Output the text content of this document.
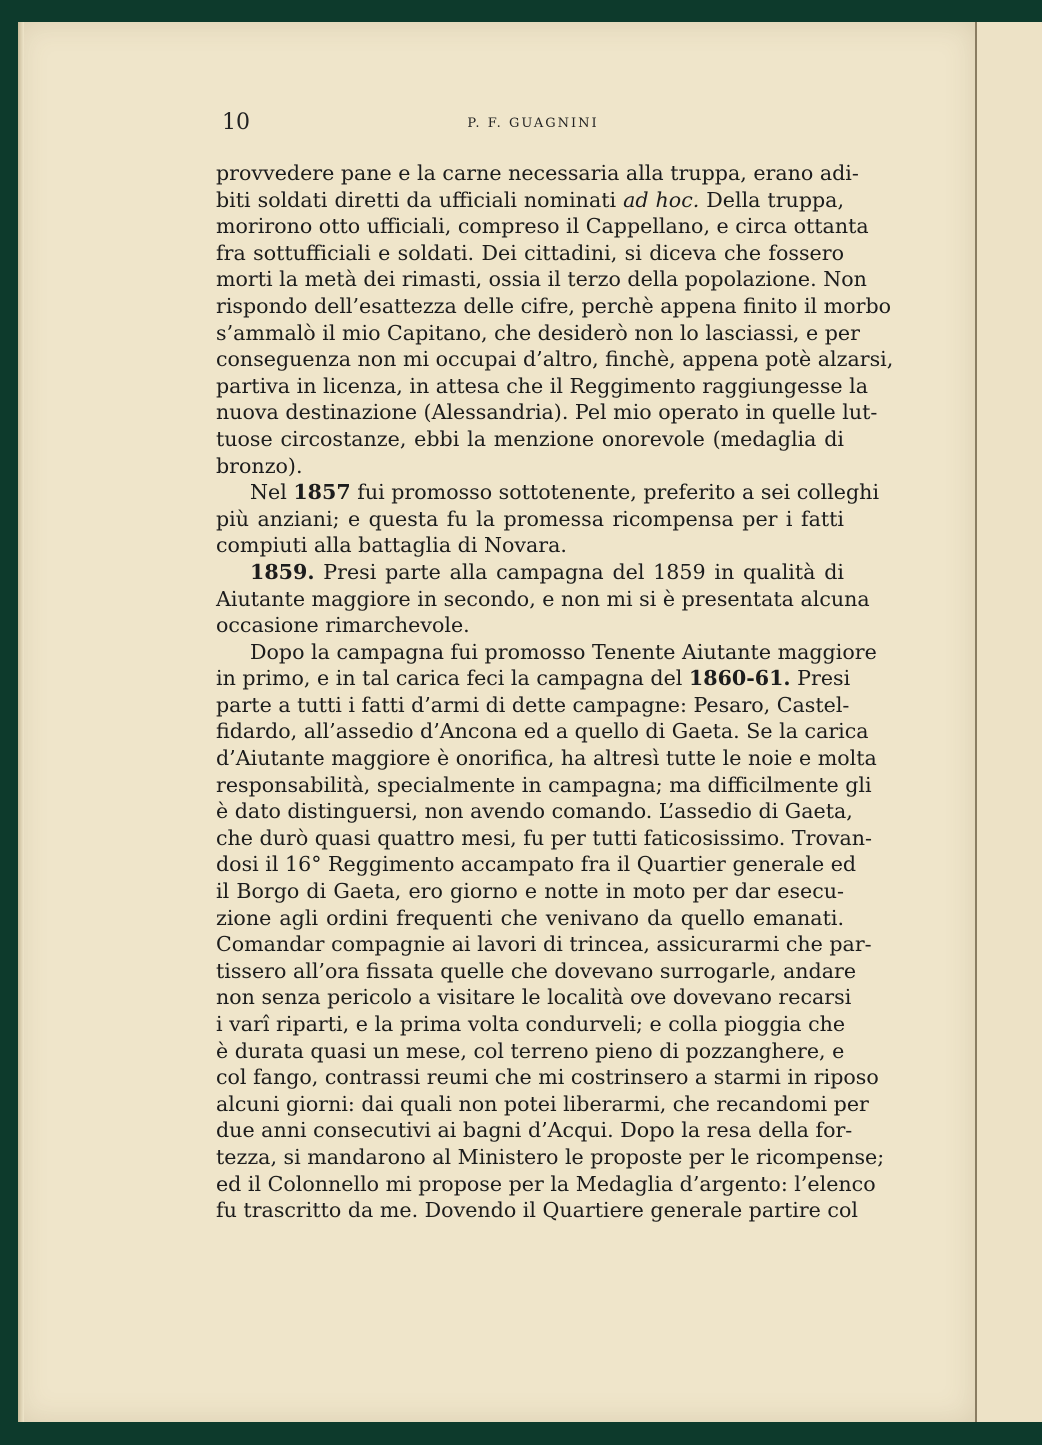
10	P. F. GUAGNINI
provvedere pane e la carne necessaria alla truppa, erano adi-
biti soldati diretti da ufficiali nominati ad hoc. Della truppa,
morirono otto ufficiali, compreso il Cappellano, e circa ottanta
fra sottufficiali e soldati. Dei cittadini, si diceva che fossero
morti la metà dei rimasti, ossia il terzo della popolazione. Non
rispondo dell’esattezza delle cifre, perchè appena finito il morbo
s’ammalò il mio Capitano, che desiderò non lo lasciassi, e per
conseguenza non mi occupai d’altro, finchè, appena potè alzarsi,
partiva in licenza, in attesa che il Reggimento raggiungesse la
nuova destinazione (Alessandria). Pel mio operato in quelle lut-
tuose circostanze, ebbi la menzione onorevole (medaglia di
bronzo).
Nel 1857 fui promosso sottotenente, preferito a sei colleghi
più anziani; e questa fu la promessa ricompensa per i fatti
compiuti alla battaglia di Novara.
1859. Presi parte alla campagna del 1859 in qualità di
Aiutante maggiore in secondo, e non mi si è presentata alcuna
occasione rimarchevole.
Dopo la campagna fui promosso Tenente Aiutante maggiore
in primo, e in tal carica feci la campagna del 1860-61. Presi
parte a tutti i fatti d’armi di dette campagne: Pesaro, Castel-
fidardo, all’assedio d’Ancona ed a quello di Gaeta. Se la carica
d’Aiutante maggiore è onorifica, ha altresì tutte le noie e molta
responsabilità, specialmente in campagna; ma difficilmente gli
è dato distinguersi, non avendo comando. L’assedio di Gaeta,
che durò quasi quattro mesi, fu per tutti faticosissimo. Trovan-
dosi il 16° Reggimento accampato fra il Quartier generale ed
il Borgo di Gaeta, ero giorno e notte in moto per dar esecu-
zione agli ordini frequenti che venivano da quello emanati.
Comandar compagnie ai lavori di trincea, assicurarmi che par-
tissero all’ora fissata quelle che dovevano surrogarle, andare
non senza pericolo a visitare le località ove dovevano recarsi
i varî riparti, e la prima volta condurveli; e colla pioggia che
è durata quasi un mese, col terreno pieno di pozzanghere, e
col fango, contrassi reumi che mi costrinsero a starmi in riposo
alcuni giorni: dai quali non potei liberarmi, che recandomi per
due anni consecutivi ai bagni d’Acqui. Dopo la resa della for-
tezza, si mandarono al Ministero le proposte per le ricompense;
ed il Colonnello mi propose per la Medaglia d’argento: l’elenco
fu trascritto da me. Dovendo il Quartiere generale partire col
